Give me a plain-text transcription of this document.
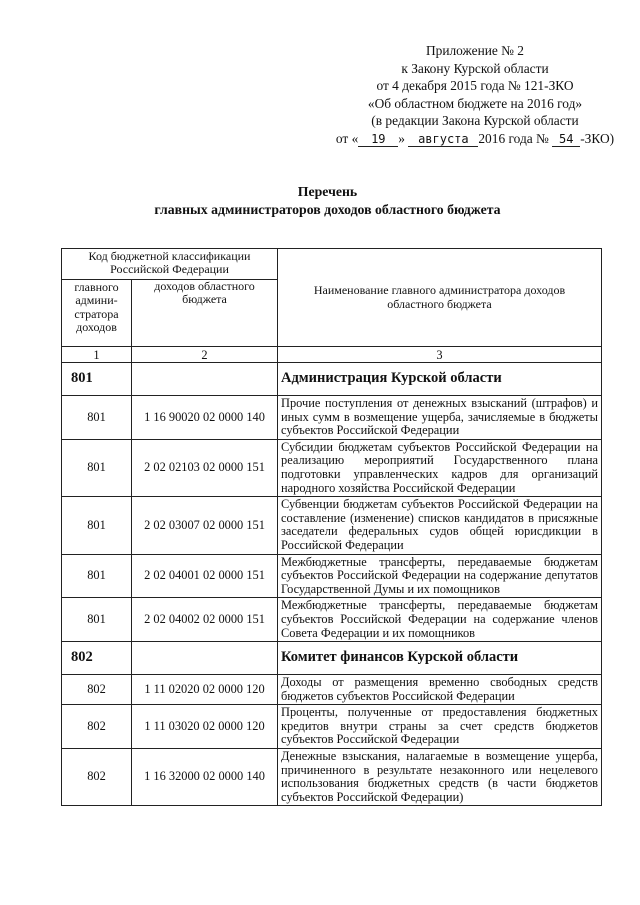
Приложение № 2
к Закону Курской области
от 4 декабря 2015 года № 121-ЗКО
«Об областном бюджете на 2016 год»
(в редакции Закона Курской области
от « 19 » августа 2016 года № 54 -ЗКО)
Перечень
главных администраторов доходов областного бюджета
Код бюджетной классификации Российской Федерации		Наименование главного администратора доходов областного бюджета
главного админи-стратора доходов	доходов областного бюджета	
1	2	3
801		Администрация Курской области
801	1 16 90020 02 0000 140	Прочие поступления от денежных взысканий (штрафов) и иных сумм в возмещение ущерба, зачисляемые в бюджеты субъектов Российской Федерации
801	2 02 02103 02 0000 151	Субсидии бюджетам субъектов Российской Федерации на реализацию мероприятий Государственного плана подготовки управленческих кадров для организаций народного хозяйства Российской Федерации
801	2 02 03007 02 0000 151	Субвенции бюджетам субъектов Российской Федерации на составление (изменение) списков кандидатов в присяжные заседатели федеральных судов общей юрисдикции в Российской Федерации
801	2 02 04001 02 0000 151	Межбюджетные трансферты, передаваемые бюджетам субъектов Российской Федерации на содержание депутатов Государственной Думы и их помощников
801	2 02 04002 02 0000 151	Межбюджетные трансферты, передаваемые бюджетам субъектов Российской Федерации на содержание членов Совета Федерации и их помощников
802		Комитет финансов Курской области
802	1 11 02020 02 0000 120	Доходы от размещения временно свободных средств бюджетов субъектов Российской Федерации
802	1 11 03020 02 0000 120	Проценты, полученные от предоставления бюджетных кредитов внутри страны за счет средств бюджетов субъектов Российской Федерации
802	1 16 32000 02 0000 140	Денежные взыскания, налагаемые в возмещение ущерба, причиненного в результате незаконного или нецелевого использования бюджетных средств (в части бюджетов субъектов Российской Федерации)
